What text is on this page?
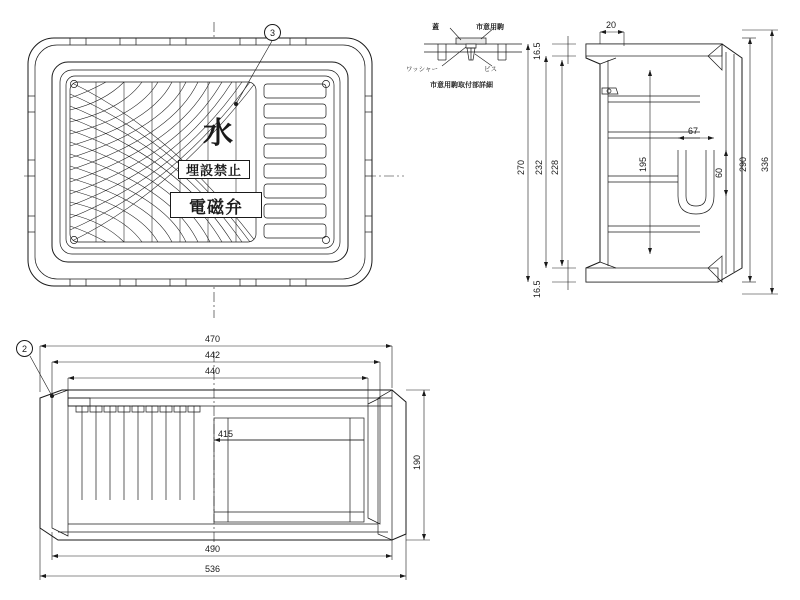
20
16.5
16.5
270 232 228	195
67
60
290 336
470
442
440
415
190
490
536
水
埋設禁止
電磁弁
3
2
蓋	市意用駒
ワッシャー	ビス
市意用駒取付部詳細
